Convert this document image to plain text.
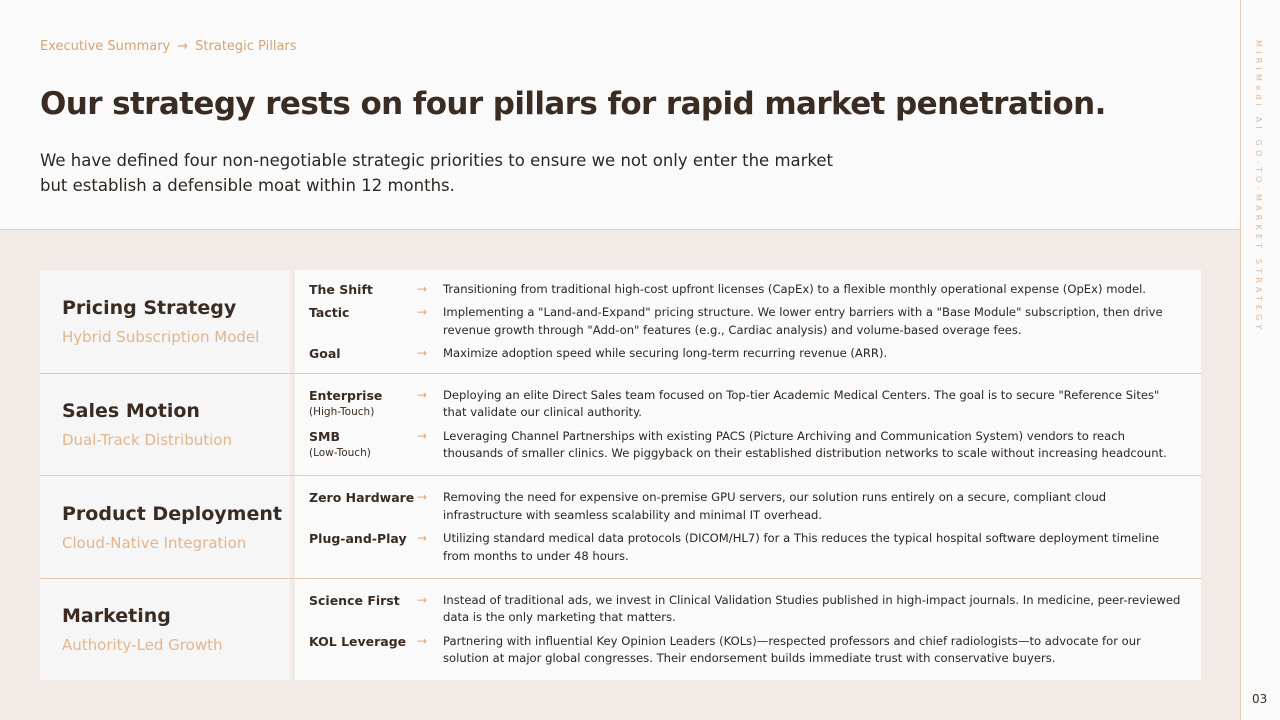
Executive Summary → Strategic Pillars
Our strategy rests on four pillars for rapid market penetration.
We have defined four non-negotiable strategic priorities to ensure we not only enter the market but establish a defensible moat within 12 months.	MIRIMedi AI GO-TO-MARKET STRATEGY
03
Pricing Strategy
Hybrid Subscription Model
The Shift	→	Transitioning from traditional high-cost upfront licenses (CapEx) to a flexible monthly operational expense (OpEx) model.
Tactic	→	Implementing a "Land-and-Expand" pricing structure. We lower entry barriers with a "Base Module" subscription, then drive revenue growth through "Add-on" features (e.g., Cardiac analysis) and volume-based overage fees.
Goal	→	Maximize adoption speed while securing long-term recurring revenue (ARR).
Sales Motion
Dual-Track Distribution
Enterprise
(High-Touch)
→	Deploying an elite Direct Sales team focused on Top-tier Academic Medical Centers. The goal is to secure "Reference Sites" that validate our clinical authority.
SMB
(Low-Touch)
→	Leveraging Channel Partnerships with existing PACS (Picture Archiving and Communication System) vendors to reach thousands of smaller clinics. We piggyback on their established distribution networks to scale without increasing headcount.
Product Deployment
Cloud-Native Integration
Zero Hardware →	Removing the need for expensive on-premise GPU servers, our solution runs entirely on a secure, compliant cloud infrastructure with seamless scalability and minimal IT overhead.
Plug-and-Play →	Utilizing standard medical data protocols (DICOM/HL7) for a This reduces the typical hospital software deployment timeline from months to under 48 hours.
Marketing
Authority-Led Growth
Science First	→	Instead of traditional ads, we invest in Clinical Validation Studies published in high-impact journals. In medicine, peer-reviewed data is the only marketing that matters.
KOL Leverage →	Partnering with influential Key Opinion Leaders (KOLs)—respected professors and chief radiologists—to advocate for our solution at major global congresses. Their endorsement builds immediate trust with conservative buyers.
